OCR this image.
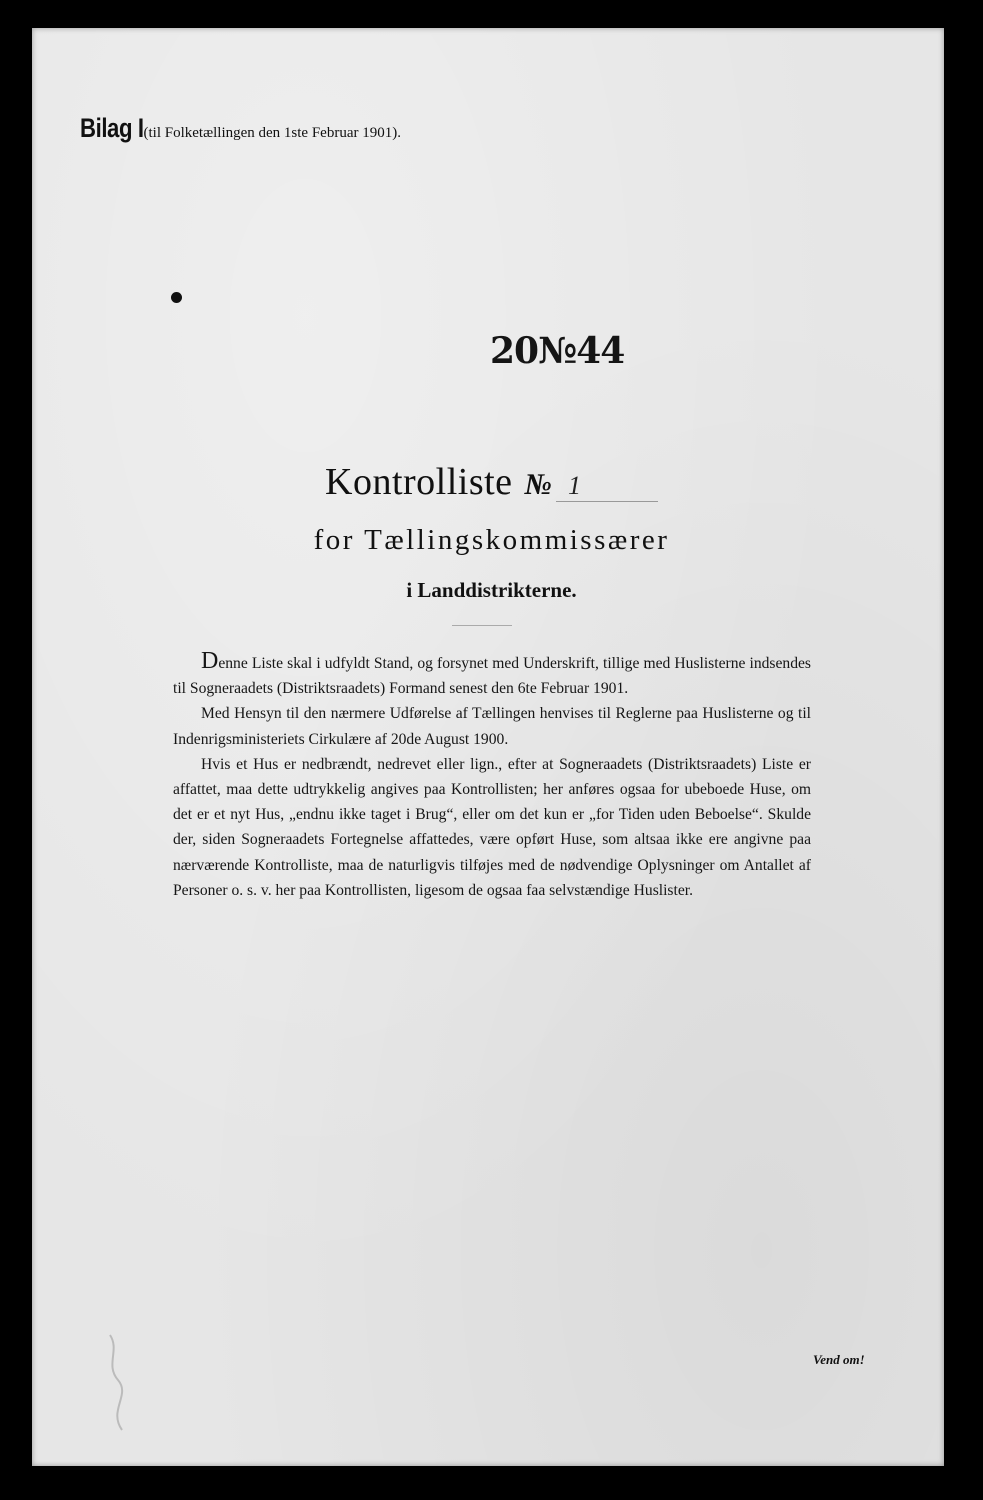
Bilag I (til Folketællingen den 1ste Februar 1901).
20№44
Kontrolliste № 1
for Tællingskommissærer
i Landdistrikterne.

Denne Liste skal i udfyldt Stand, og forsynet med Underskrift, tillige med Huslisterne indsendes til Sogneraadets (Distriktsraadets) Formand senest den 6te Februar 1901.

Med Hensyn til den nærmere Udførelse af Tællingen henvises til Reglerne paa Huslisterne og til Indenrigsministeriets Cirkulære af 20de August 1900.

Hvis et Hus er nedbrændt, nedrevet eller lign., efter at Sogneraadets (Distriktsraadets) Liste er affattet, maa dette udtrykkelig angives paa Kontrollisten; her anføres ogsaa for ubeboede Huse, om det er et nyt Hus, „endnu ikke taget i Brug“, eller om det kun er „for Tiden uden Beboelse“. Skulde der, siden Sogneraadets Fortegnelse affattedes, være opført Huse, som altsaa ikke ere angivne paa nærværende Kontrolliste, maa de naturligvis tilføjes med de nødvendige Oplysninger om Antallet af Personer o. s. v. her paa Kontrollisten, ligesom de ogsaa faa selvstændige Huslister.

Vend om!
